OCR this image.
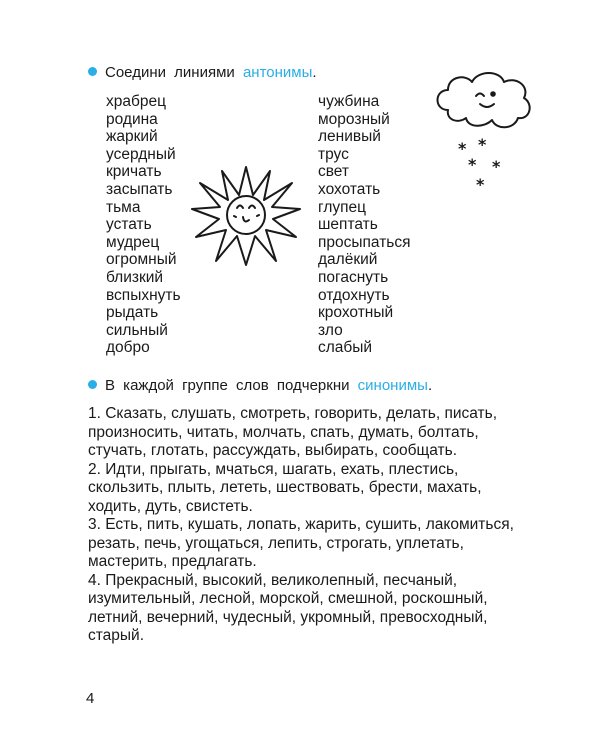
Соедини линиями антонимы.
храбрец
родина
жаркий
усердный
кричать
засыпать
тьма
устать
мудрец
огромный
близкий
вспыхнуть
рыдать
сильный
добро
чужбина
морозный
ленивый
трус
свет
хохотать
глупец
шептать
просыпаться
далёкий
погаснуть
отдохнуть
крохотный
зло
слабый
* *
* *
*
В каждой группе слов подчеркни синонимы.

1. Сказать, слушать, смотреть, говорить, делать, писать, произносить, читать, молчать, спать, думать, болтать, стучать, глотать, рассуждать, выбирать, сообщать.

2. Идти, прыгать, мчаться, шагать, ехать, плестись, скользить, плыть, лететь, шествовать, брести, махать, ходить, дуть, свистеть.

3. Есть, пить, кушать, лопать, жарить, сушить, лакомиться, резать, печь, угощаться, лепить, строгать, уплетать, мастерить, предлагать.

4. Прекрасный, высокий, великолепный, песчаный, изумительный, лесной, морской, смешной, роскошный, летний, вечерний, чудесный, укромный, превосходный, старый.

4
